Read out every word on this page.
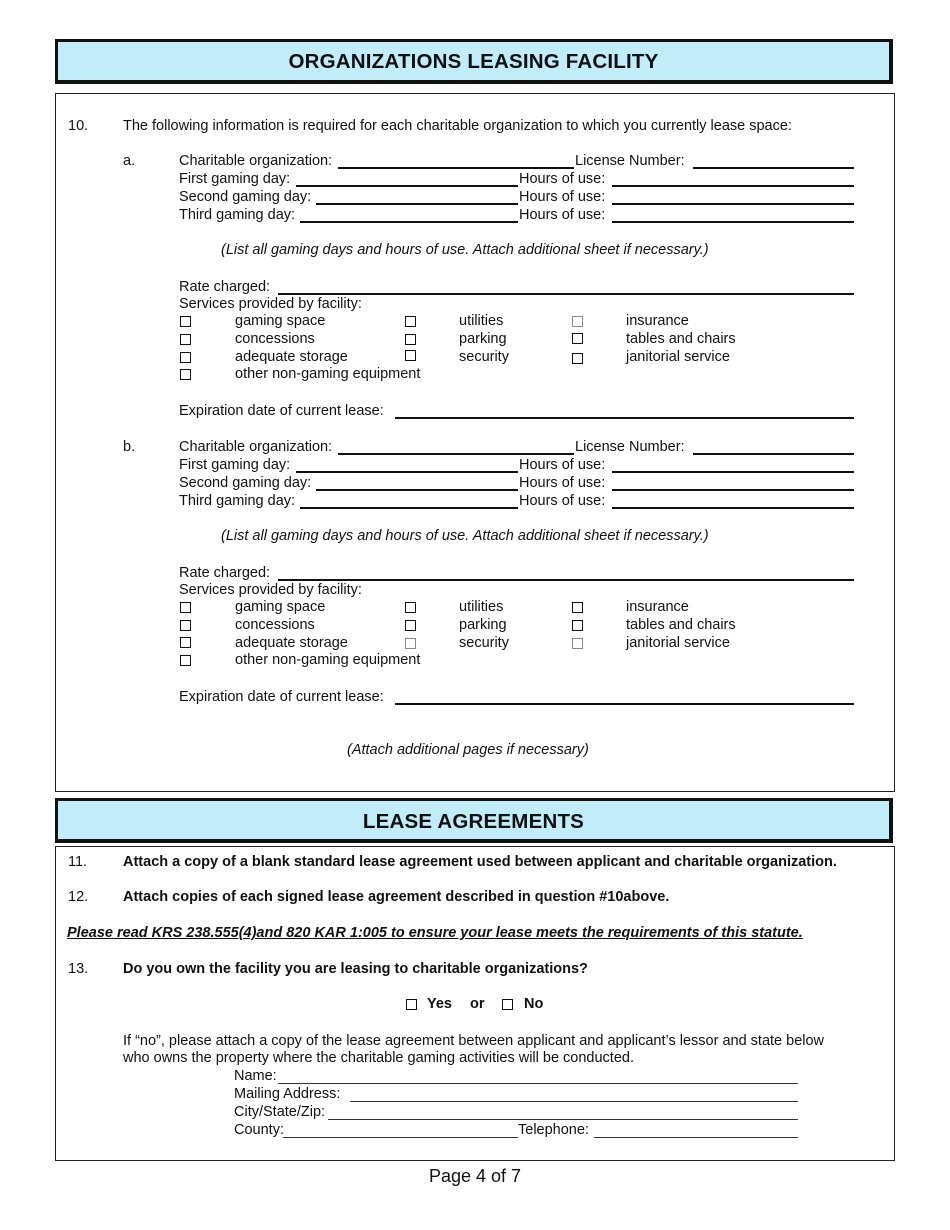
ORGANIZATIONS LEASING FACILITY
10. The following information is required for each charitable organization to which you currently lease space:
a.	Charitable organization:	License Number:
First gaming day:	Hours of use:
Second gaming day:	Hours of use:
Third gaming day:	Hours of use:
(List all gaming days and hours of use. Attach additional sheet if necessary.)
Rate charged:
Services provided by facility:
gaming space	utilities	insurance
concessions	parking	tables and chairs
adequate storage	security	janitorial service
other non-gaming equipment
Expiration date of current lease:
b.	Charitable organization:	License Number:
First gaming day:	Hours of use:
Second gaming day:	Hours of use:
Third gaming day:	Hours of use:
(List all gaming days and hours of use. Attach additional sheet if necessary.)
Rate charged:
Services provided by facility:
gaming space	utilities	insurance
concessions	parking	tables and chairs
adequate storage	security	janitorial service
other non-gaming equipment
Expiration date of current lease:
(Attach additional pages if necessary)
LEASE AGREEMENTS
11. Attach a copy of a blank standard lease agreement used between applicant and charitable organization.
12. Attach copies of each signed lease agreement described in question #10above.
Please read KRS 238.555(4)and 820 KAR 1:005 to ensure your lease meets the requirements of this statute.
13. Do you own the facility you are leasing to charitable organizations?
Yes or	No
If “no”, please attach a copy of the lease agreement between applicant and applicant’s lessor and state below
who owns the property where the charitable gaming activities will be conducted.
Name:
Mailing Address:
City/State/Zip:
County:	Telephone:
Page 4 of 7
